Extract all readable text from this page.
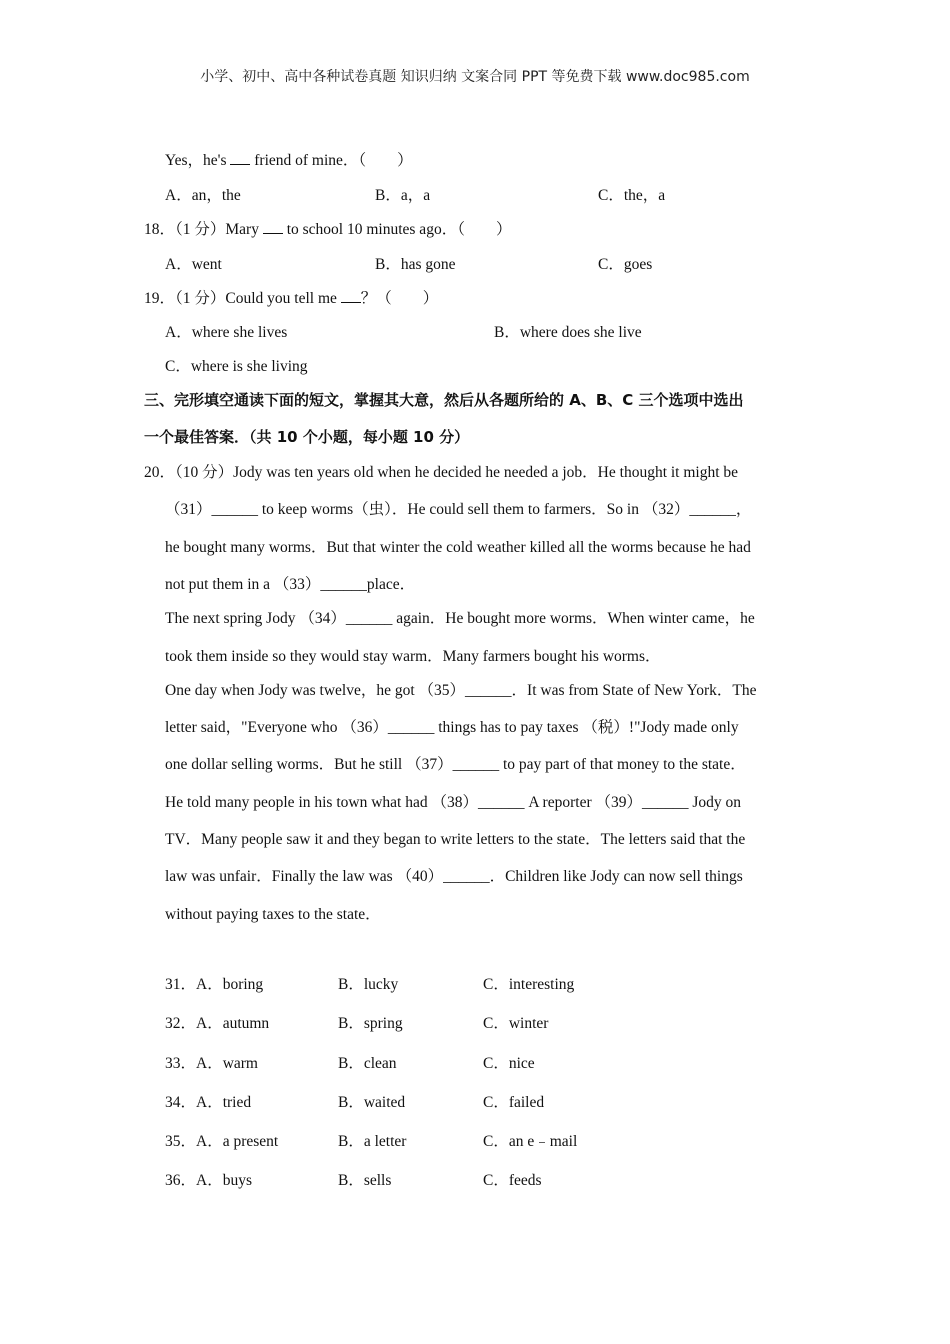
小学、初中、高中各种试卷真题 知识归纳 文案合同 PPT 等免费下载 www.doc985.com
Yes，he's  friend of mine．（　　）
A．an，the	B．a，a	C．the，a
18．（1 分）Mary  to school 10 minutes ago．（　　）
A．went	B．has gone	C．goes
19．（1 分）Could you tell me ？（　　）
A．where she lives	B．where does she live
C．where is she living
三、完形填空通读下面的短文，掌握其大意，然后从各题所给的 A、B、C 三个选项中选出
一个最佳答案．（共 10 个小题，每小题 10 分）
20．（10 分）Jody was ten years old when he decided he needed a job．He thought it might be
（31）______ to keep worms（虫）．He could sell them to farmers．So in （32）______，
he bought many worms．But that winter the cold weather killed all the worms because he had
not put them in a （33）______place．
The next spring Jody （34）______ again．He bought more worms．When winter came，he
took them inside so they would stay warm．Many farmers bought his worms．
One day when Jody was twelve，he got （35）______．It was from State of New York．The
letter said，"Everyone who （36）______ things has to pay taxes （税）!"Jody made only
one dollar selling worms．But he still （37）______ to pay part of that money to the state．
He told many people in his town what had （38）______ A reporter （39）______ Jody on
TV．Many people saw it and they began to write letters to the state．The letters said that the
law was unfair．Finally the law was （40）______．Children like Jody can now sell things
without paying taxes to the state．
31．A．boring	B．lucky	C．interesting
32．A．autumn	B．spring	C．winter
33．A．warm	B．clean	C．nice
34．A．tried	B．waited	C．failed
35．A．a present	B．a letter	C．an e﹣mail
36．A．buys	B．sells	C．feeds
